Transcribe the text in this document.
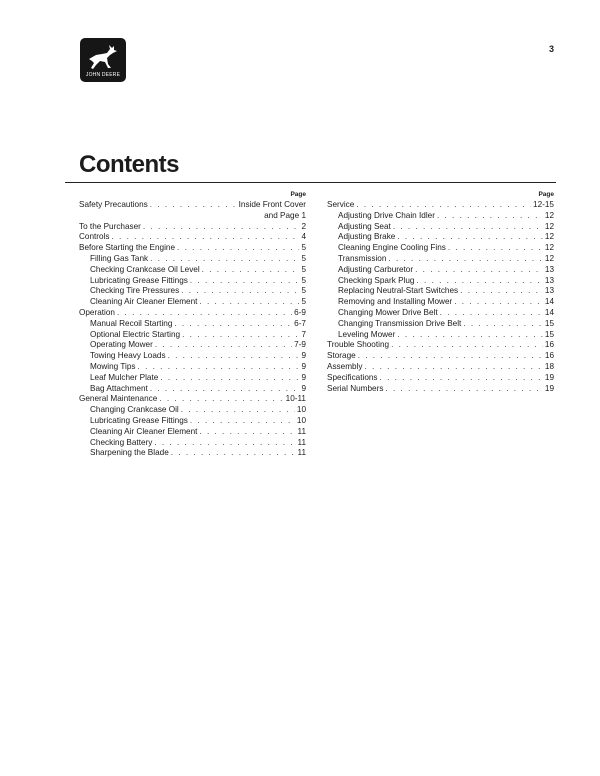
JOHN DEERE
3
Contents
Page
Safety Precautions . . .	Inside Front Cover
and Page 1
To the Purchaser . . .	2
Controls . . .	4
Before Starting the Engine . . .	5
Filling Gas Tank . . .	5
Checking Crankcase Oil Level . . .	5
Lubricating Grease Fittings . . .	5
Checking Tire Pressures . . .	5
Cleaning Air Cleaner Element . . .	5
Operation . . .	6-9
Manual Recoil Starting . . .	6-7
Optional Electric Starting . . .	7
Operating Mower . . .	7-9
Towing Heavy Loads . . .	9
Mowing Tips . . .	9
Leaf Mulcher Plate . . .	9
Bag Attachment . . .	9
General Maintenance . . .	10-11
Changing Crankcase Oil . . .	10
Lubricating Grease Fittings . . .	10
Cleaning Air Cleaner Element . . .	11
Checking Battery . . .	11
Sharpening the Blade . . .	11
Page
Service . . .	12-15
Adjusting Drive Chain Idler . . .	12
Adjusting Seat . . .	12
Adjusting Brake . . .	12
Cleaning Engine Cooling Fins . . .	12
Transmission . . .	12
Adjusting Carburetor . . .	13
Checking Spark Plug . . .	13
Replacing Neutral-Start Switches . . .	13
Removing and Installing Mower . . .	14
Changing Mower Drive Belt . . .	14
Changing Transmission Drive Belt . . .	15
Leveling Mower . . .	15
Trouble Shooting . . .	16
Storage . . .	16
Assembly . . .	18
Specifications . . .	19
Serial Numbers . . .	19
